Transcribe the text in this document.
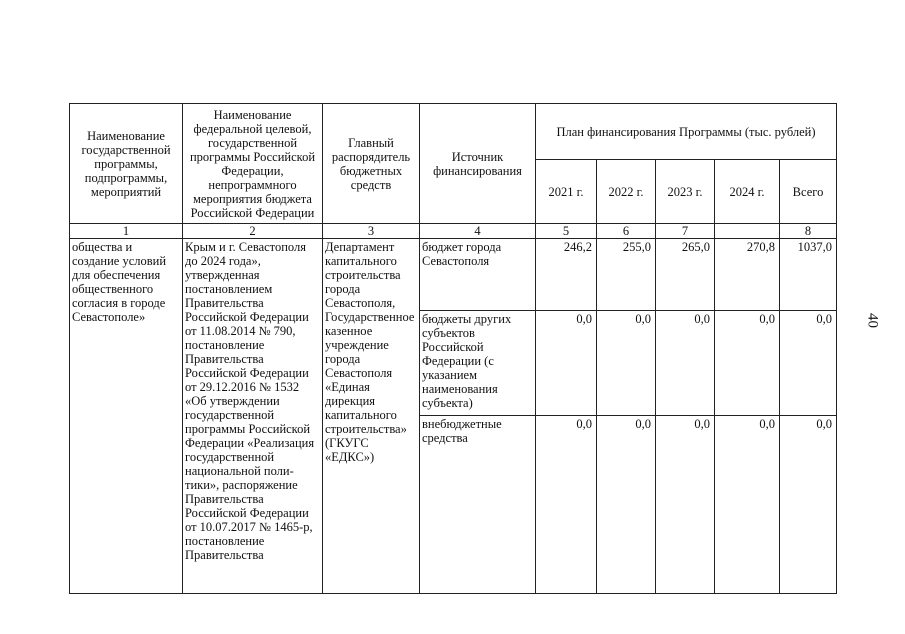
Наименование государственной программы, подпрограммы, мероприятий	Наименование федеральной целевой, государственной программы Российской Федерации, непрограммного мероприятия бюджета Российской Федерации	Главный распорядитель бюджетных средств	Источник финансирования	План финансирования Программы (тыс. рублей)				
				2021 г.	2022 г.	2023 г.	2024 г.	Всего
1	2	3	4	5	6	7		8
общества и создание условий для обеспечения общественного согласия в городе Севастополе»	Крым и г. Севастополя до 2024 года», утвержденная постановлением Правительства Российской Федерации от 11.08.2014 № 790, постановление Правительства Российской Федерации от 29.12.2016 № 1532 «Об утверждении государственной программы Российской Федерации «Реализация государственной национальной поли-тики», распоряжение Правительства Российской Федерации от 10.07.2017 № 1465-р, постановление Правительства	Департамент капитального строительства города Севастополя, Государственное казенное учреждение города Севастополя «Единая дирекция капитального строительства» (ГКУГС «ЕДКС»)	бюджет города Севастополя	246,2	255,0	265,0	270,8	1037,0
			бюджеты других субъектов Российской Федерации (с указанием наименования субъекта)	0,0	0,0	0,0	0,0	0,0
			внебюджетные средства	0,0	0,0	0,0	0,0	0,0
40
